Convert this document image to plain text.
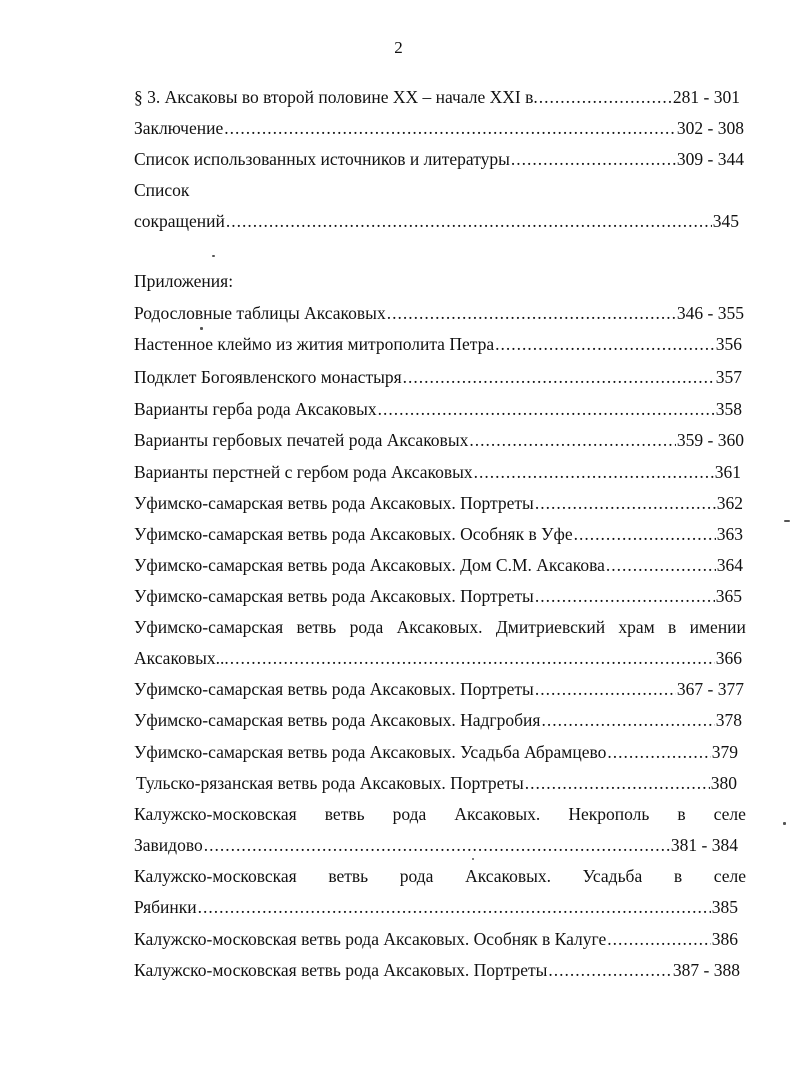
2
§ 3. Аксаковы во второй половине XX – начале XXI в. .....	281 - 301
Заключение .....	302 - 308
Список использованных источников и литературы .....	309 - 344
Список
сокращений .....	345
Приложения:
Родословные таблицы Аксаковых .....	346 - 355
Настенное клеймо из жития митрополита Петра .....	356
Подклет Богоявленского монастыря .....	357
Варианты герба рода Аксаковых .....	358
Варианты гербовых печатей рода Аксаковых .....	359 - 360
Варианты перстней с гербом рода Аксаковых .....	361
Уфимско-самарская ветвь рода Аксаковых. Портреты .....	362
Уфимско-самарская ветвь рода Аксаковых. Особняк в Уфе .....	363
Уфимско-самарская ветвь рода Аксаковых. Дом С.М. Аксакова .....	364
Уфимско-самарская ветвь рода Аксаковых. Портреты .....	365
Уфимско-самарская ветвь рода Аксаковых. Дмитриевский храм в имении
Аксаковых... .....	366
Уфимско-самарская ветвь рода Аксаковых. Портреты .....	367 - 377
Уфимско-самарская ветвь рода Аксаковых. Надгробия .....	378
Уфимско-самарская ветвь рода Аксаковых. Усадьба Абрамцево .....	379
Тульско-рязанская ветвь рода Аксаковых. Портреты .....	380
Калужско-московская ветвь рода Аксаковых. Некрополь в селе
Завидово .....	381 - 384
Калужско-московская ветвь рода Аксаковых. Усадьба в селе
Рябинки .....	385
Калужско-московская ветвь рода Аксаковых. Особняк в Калуге .....	386
Калужско-московская ветвь рода Аксаковых. Портреты .....	387 - 388
